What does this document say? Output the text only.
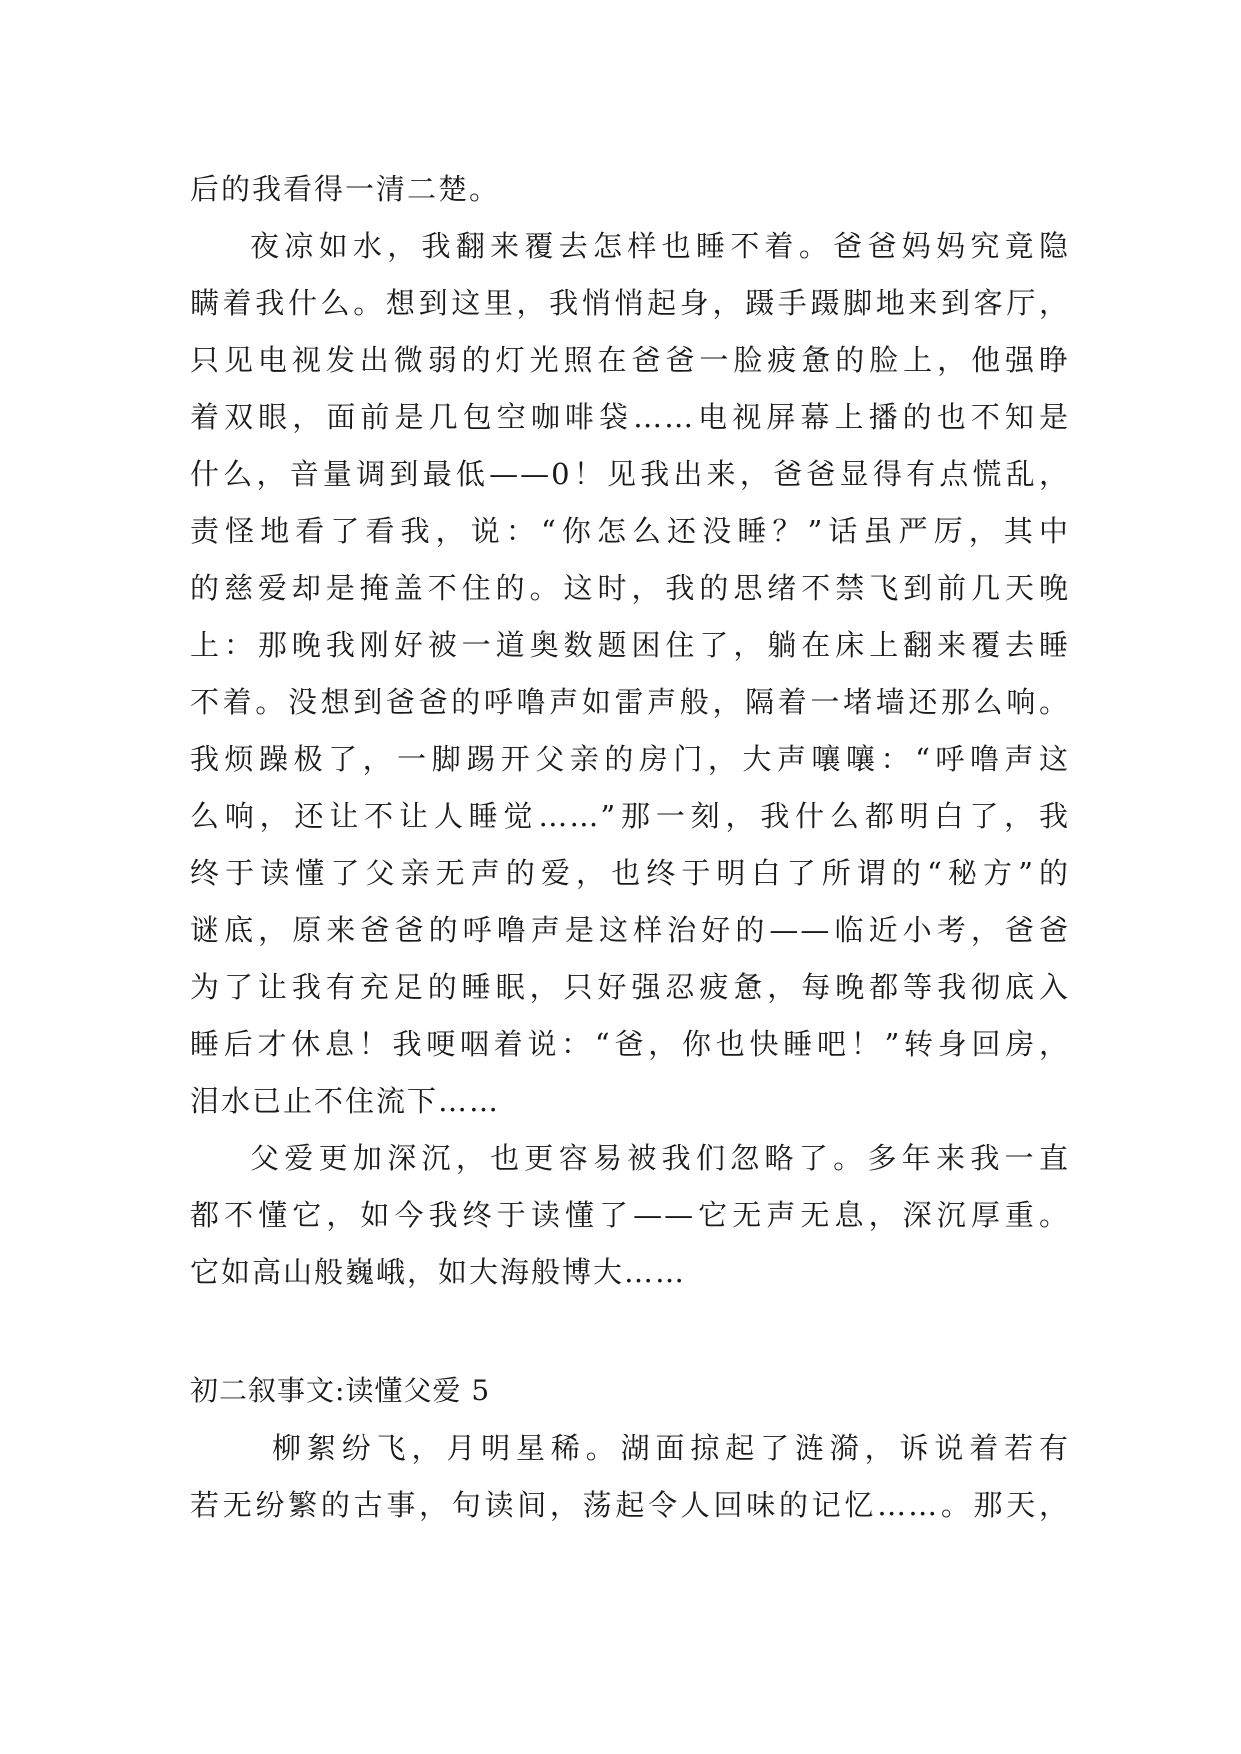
后的我看得一清二楚。
夜凉如水，我翻来覆去怎样也睡不着。爸爸妈妈究竟隐
瞒着我什么。想到这里，我悄悄起身，蹑手蹑脚地来到客厅，
只见电视发出微弱的灯光照在爸爸一脸疲惫的脸上，他强睁
着双眼，面前是几包空咖啡袋……电视屏幕上播的也不知是
什么，音量调到最低——0！见我出来，爸爸显得有点慌乱，
责怪地看了看我，说：“你怎么还没睡？”话虽严厉，其中
的慈爱却是掩盖不住的。这时，我的思绪不禁飞到前几天晚
上：那晚我刚好被一道奥数题困住了，躺在床上翻来覆去睡
不着。没想到爸爸的呼噜声如雷声般，隔着一堵墙还那么响。
我烦躁极了，一脚踢开父亲的房门，大声嚷嚷：“呼噜声这
么响，还让不让人睡觉……”那一刻，我什么都明白了，我
终于读懂了父亲无声的爱，也终于明白了所谓的“秘方”的
谜底，原来爸爸的呼噜声是这样治好的——临近小考，爸爸
为了让我有充足的睡眠，只好强忍疲惫，每晚都等我彻底入
睡后才休息！我哽咽着说：“爸，你也快睡吧！”转身回房，
泪水已止不住流下……
父爱更加深沉，也更容易被我们忽略了。多年来我一直
都不懂它，如今我终于读懂了——它无声无息，深沉厚重。
它如高山般巍峨，如大海般博大……
初二叙事文:读懂父爱 5
柳絮纷飞，月明星稀。湖面掠起了涟漪，诉说着若有
若无纷繁的古事，句读间，荡起令人回味的记忆……。那天，
